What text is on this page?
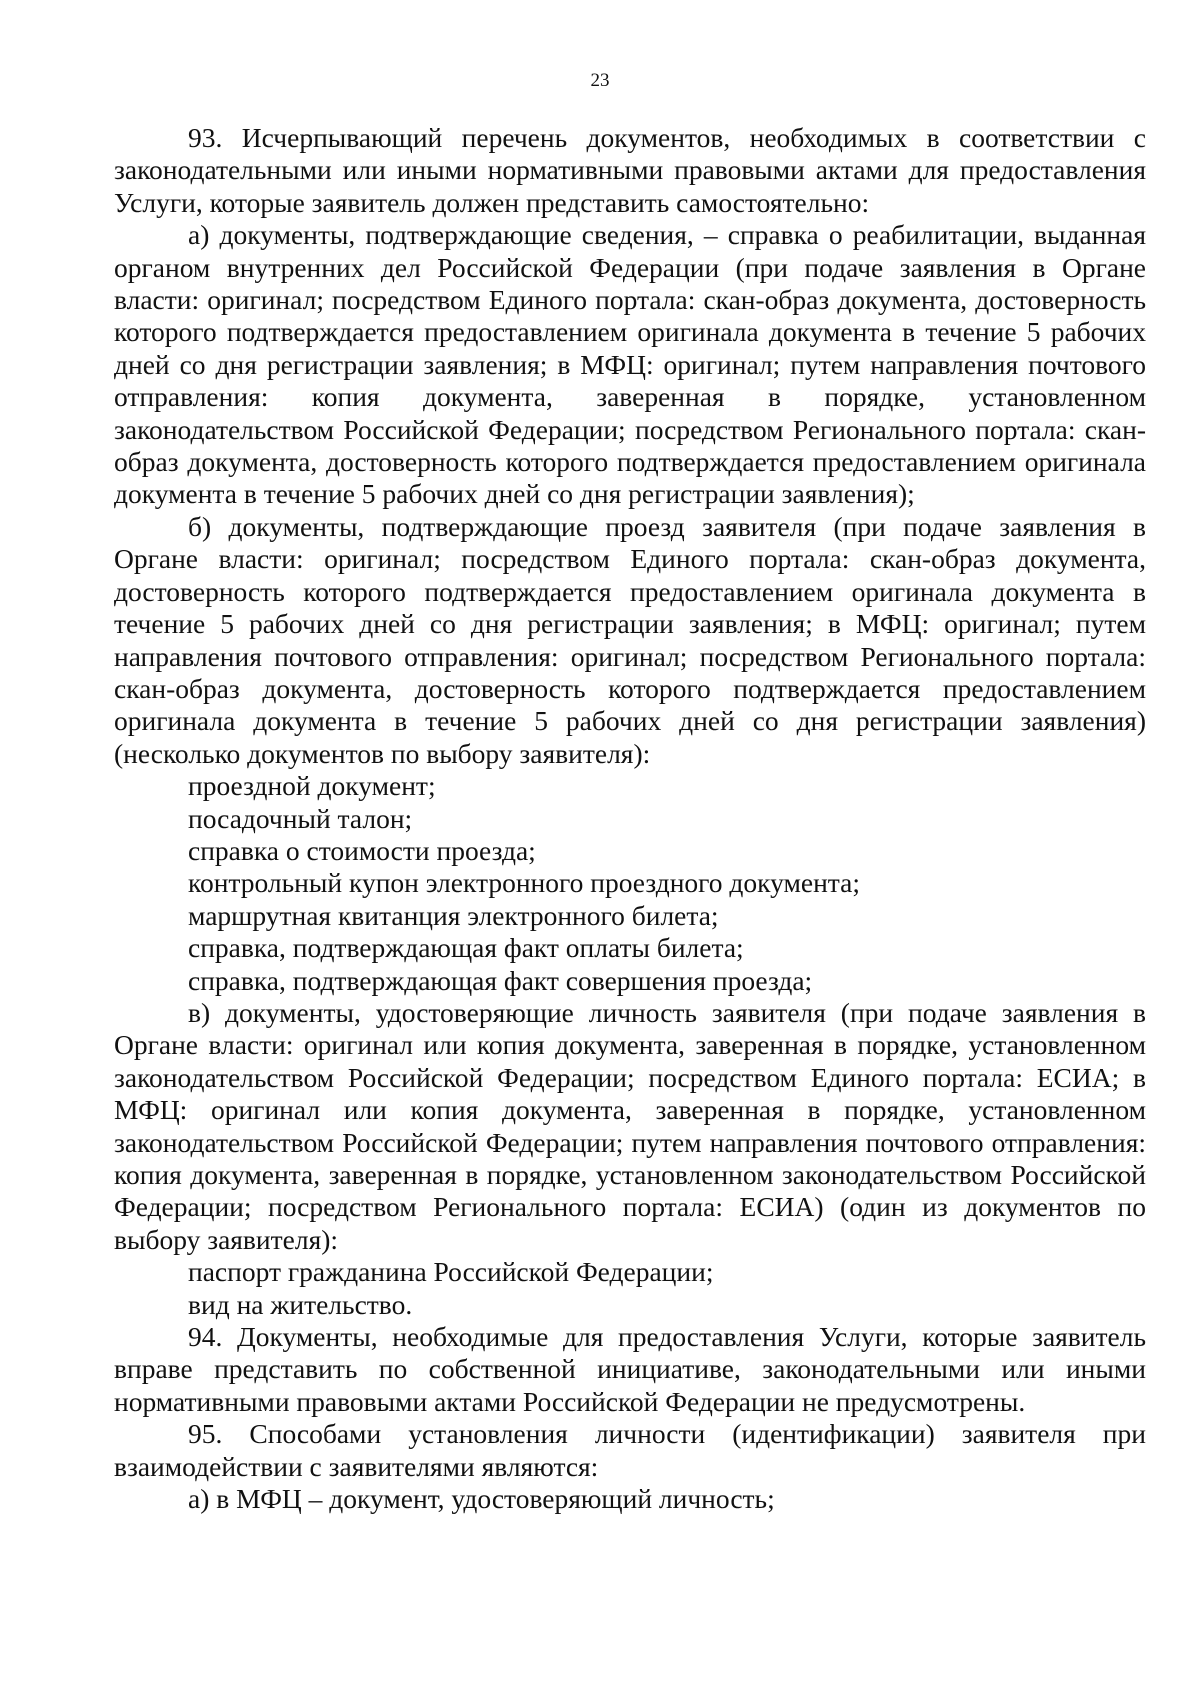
23

93. Исчерпывающий перечень документов, необходимых в соответствии с законодательными или иными нормативными правовыми актами для предоставления Услуги, которые заявитель должен представить самостоятельно:

а) документы, подтверждающие сведения, – справка о реабилитации, выданная органом внутренних дел Российской Федерации (при подаче заявления в Органе власти: оригинал; посредством Единого портала: скан-образ документа, достоверность которого подтверждается предоставлением оригинала документа в течение 5 рабочих дней со дня регистрации заявления; в МФЦ: оригинал; путем направления почтового отправления: копия документа, заверенная в порядке, установленном законодательством Российской Федерации; посредством Регионального портала: скан-образ документа, достоверность которого подтверждается предоставлением оригинала документа в течение 5 рабочих дней со дня регистрации заявления);

б) документы, подтверждающие проезд заявителя (при подаче заявления в Органе власти: оригинал; посредством Единого портала: скан-образ документа, достоверность которого подтверждается предоставлением оригинала документа в течение 5 рабочих дней со дня регистрации заявления; в МФЦ: оригинал; путем направления почтового отправления: оригинал; посредством Регионального портала: скан-образ документа, достоверность которого подтверждается предоставлением оригинала документа в течение 5 рабочих дней со дня регистрации заявления) (несколько документов по выбору заявителя):

проездной документ;

посадочный талон;

справка о стоимости проезда;

контрольный купон электронного проездного документа;

маршрутная квитанция электронного билета;

справка, подтверждающая факт оплаты билета;

справка, подтверждающая факт совершения проезда;

в) документы, удостоверяющие личность заявителя (при подаче заявления в Органе власти: оригинал или копия документа, заверенная в порядке, установленном законодательством Российской Федерации; посредством Единого портала: ЕСИА; в МФЦ: оригинал или копия документа, заверенная в порядке, установленном законодательством Российской Федерации; путем направления почтового отправления: копия документа, заверенная в порядке, установленном законодательством Российской Федерации; посредством Регионального портала: ЕСИА) (один из документов по выбору заявителя):

паспорт гражданина Российской Федерации;

вид на жительство.

94. Документы, необходимые для предоставления Услуги, которые заявитель вправе представить по собственной инициативе, законодательными или иными нормативными правовыми актами Российской Федерации не предусмотрены.

95. Способами установления личности (идентификации) заявителя при взаимодействии с заявителями являются:

а) в МФЦ – документ, удостоверяющий личность;
